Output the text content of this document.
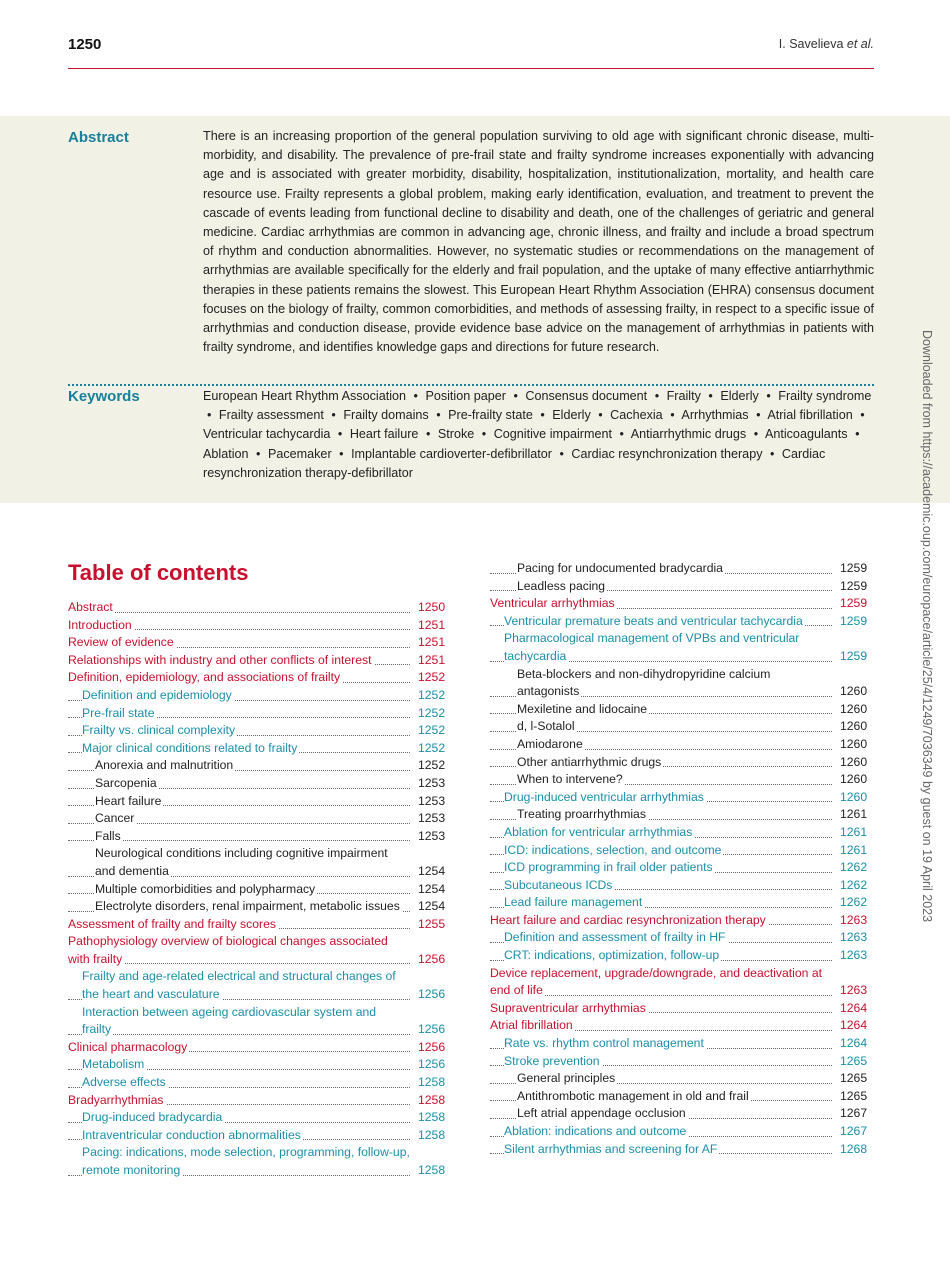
1250	I. Savelieva et al.
Abstract	There is an increasing proportion of the general population surviving to old age with significant chronic disease, multi-morbidity, and disability. The prevalence of pre-frail state and frailty syndrome increases exponentially with advancing age and is associated with greater morbidity, disability, hospitalization, institutionalization, mortality, and health care resource use. Frailty represents a global problem, making early identification, evaluation, and treatment to prevent the cascade of events leading from functional decline to disability and death, one of the challenges of geriatric and general medicine. Cardiac arrhythmias are common in advancing age, chronic illness, and frailty and include a broad spectrum of rhythm and conduction abnormalities. However, no systematic studies or recommendations on the management of arrhythmias are available specifically for the elderly and frail population, and the uptake of many effective antiarrhythmic therapies in these patients remains the slowest. This European Heart Rhythm Association (EHRA) consensus document focuses on the biology of frailty, common comorbidities, and methods of assessing frailty, in respect to a specific issue of arrhythmias and conduction disease, provide evidence base advice on the management of arrhythmias in patients with frailty syndrome, and identifies knowledge gaps and directions for future research.

Keywords	European Heart Rhythm Association • Position paper • Consensus document • Frailty • Elderly • Frailty syndrome • Frailty assessment • Frailty domains • Pre-frailty state • Elderly • Cachexia • Arrhythmias • Atrial fibrillation • Ventricular tachycardia • Heart failure • Stroke • Cognitive impairment • Antiarrhythmic drugs • Anticoagulants • Ablation • Pacemaker • Implantable cardioverter-defibrillator • Cardiac resynchronization therapy • Cardiac resynchronization therapy-defibrillator	Downloaded from https://academic.oup.com/europace/article/25/4/1249/7036349 by guest on 19 April 2023
Table of contents
Abstract	1250
Introduction	1251
Review of evidence	1251
Relationships with industry and other conflicts of interest	1251
Definition, epidemiology, and associations of frailty	1252
Definition and epidemiology	1252
Pre-frail state	1252
Frailty vs. clinical complexity	1252
Major clinical conditions related to frailty	1252
Anorexia and malnutrition	1252
Sarcopenia	1253
Heart failure	1253
Cancer	1253
Falls	1253
Neurological conditions including cognitive impairment and dementia	1254
Multiple comorbidities and polypharmacy	1254
Electrolyte disorders, renal impairment, metabolic issues	1254
Assessment of frailty and frailty scores	1255
Pathophysiology overview of biological changes associated with frailty	1256
Frailty and age-related electrical and structural changes of the heart and vasculature	1256
Interaction between ageing cardiovascular system and frailty	1256
Clinical pharmacology	1256
Metabolism	1256
Adverse effects	1258
Bradyarrhythmias	1258
Drug-induced bradycardia	1258
Intraventricular conduction abnormalities	1258
Pacing: indications, mode selection, programming, follow-up, remote monitoring	1258
Pacing for undocumented bradycardia	1259
Leadless pacing	1259
Ventricular arrhythmias	1259
Ventricular premature beats and ventricular tachycardia	1259
Pharmacological management of VPBs and ventricular tachycardia	1259
Beta-blockers and non-dihydropyridine calcium antagonists	1260
Mexiletine and lidocaine	1260
d, l-Sotalol	1260
Amiodarone	1260
Other antiarrhythmic drugs	1260
When to intervene?	1260
Drug-induced ventricular arrhythmias	1260
Treating proarrhythmias	1261
Ablation for ventricular arrhythmias	1261
ICD: indications, selection, and outcome	1261
ICD programming in frail older patients	1262
Subcutaneous ICDs	1262
Lead failure management	1262
Heart failure and cardiac resynchronization therapy	1263
Definition and assessment of frailty in HF	1263
CRT: indications, optimization, follow-up	1263
Device replacement, upgrade/downgrade, and deactivation at end of life	1263
Supraventricular arrhythmias	1264
Atrial fibrillation	1264
Rate vs. rhythm control management	1264
Stroke prevention	1265
General principles	1265
Antithrombotic management in old and frail	1265
Left atrial appendage occlusion	1267
Ablation: indications and outcome	1267
Silent arrhythmias and screening for AF	1268
